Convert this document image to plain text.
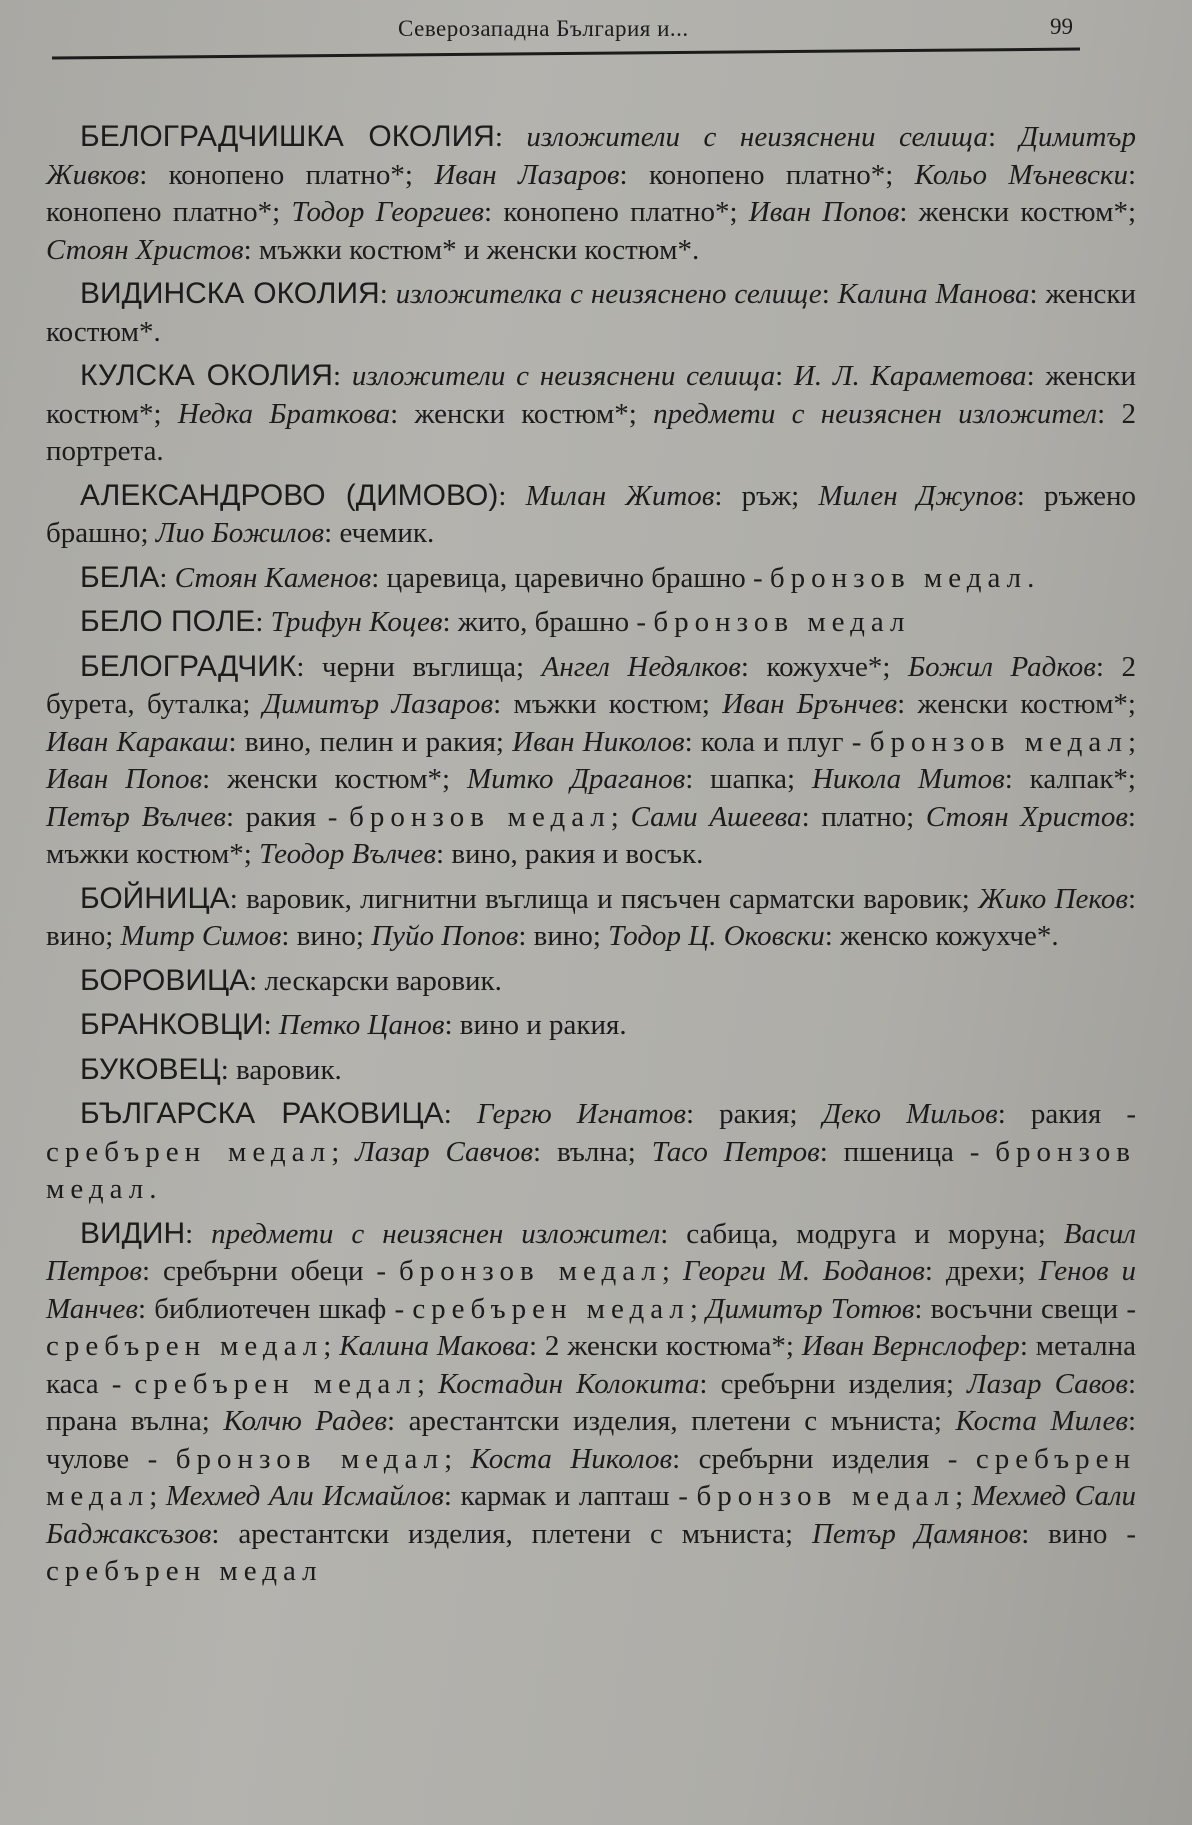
Северозападна България и...	99

БЕЛОГРАДЧИШКА ОКОЛИЯ: изложители с неизяснени селища: Димитър Живков: конопено платно*; Иван Лазаров: конопено платно*; Кольо Мъневски: конопено платно*; Тодор Георгиев: конопено платно*; Иван Попов: женски костюм*; Стоян Христов: мъжки костюм* и женски костюм*.

ВИДИНСКА ОКОЛИЯ: изложителка с неизяснено селище: Калина Манова: женски костюм*.

КУЛСКА ОКОЛИЯ: изложители с неизяснени селища: И. Л. Караметова: женски костюм*; Недка Браткова: женски костюм*; предмети с неизяснен изложител: 2 портрета.

АЛЕКСАНДРОВО (ДИМОВО): Милан Житов: ръж; Милен Джупов: ръжено брашно; Лио Божилов: ечемик.

БЕЛА: Стоян Каменов: царевица, царевично брашно - бронзов медал.

БЕЛО ПОЛЕ: Трифун Коцев: жито, брашно - бронзов медал

БЕЛОГРАДЧИК: черни въглища; Ангел Недялков: кожухче*; Божил Радков: 2 бурета, буталка; Димитър Лазаров: мъжки костюм; Иван Брънчев: женски костюм*; Иван Каракаш: вино, пелин и ракия; Иван Николов: кола и плуг - бронзов медал; Иван Попов: женски костюм*; Митко Драганов: шапка; Никола Митов: калпак*; Петър Вълчев: ракия - бронзов медал; Сами Ашеева: платно; Стоян Христов: мъжки костюм*; Теодор Вълчев: вино, ракия и восък.

БОЙНИЦА: варовик, лигнитни въглища и пясъчен сарматски варовик; Жико Пеков: вино; Митр Симов: вино; Пуйо Попов: вино; Тодор Ц. Оковски: женско кожухче*.

БОРОВИЦА: лескарски варовик.

БРАНКОВЦИ: Петко Цанов: вино и ракия.

БУКОВЕЦ: варовик.

БЪЛГАРСКА РАКОВИЦА: Гергю Игнатов: ракия; Деко Мильов: ракия - сребърен медал; Лазар Савчов: вълна; Тасо Петров: пшеница - бронзов медал.

ВИДИН: предмети с неизяснен изложител: сабица, модруга и моруна; Васил Петров: сребърни обеци - бронзов медал; Георги М. Боданов: дрехи; Генов и Манчев: библиотечен шкаф - сребърен медал; Димитър Тотюв: восъчни свещи - сребърен медал; Калина Макова: 2 женски костюма*; Иван Вернслофер: метална каса - сребърен медал; Костадин Колокита: сребърни изделия; Лазар Савов: прана вълна; Колчю Радев: арестантски изделия, плетени с мъниста; Коста Милев: чулове - бронзов медал; Коста Николов: сребърни изделия - сребърен медал; Мехмед Али Исмайлов: кармак и лапташ - бронзов медал; Мехмед Сали Баджаксъзов: арестантски изделия, плетени с мъниста; Петър Дамянов: вино - сребърен медал
